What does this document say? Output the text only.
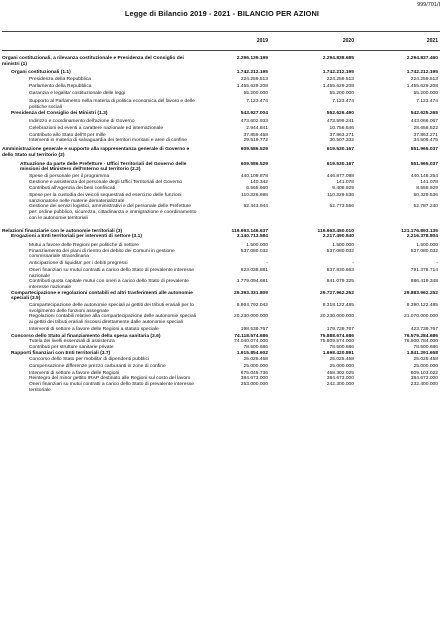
999/701/I
Legge di Bilancio 2019 - 2021 - BILANCIO PER AZIONI
2019	2020	2021
Organi costituzionali, a rilevanza costituzionale e Presidenza del Consiglio dei ministri (1)
2.296.139.199	2.294.838.685	2.294.837.460
Organi costituzionali (1.1)	1.742.212.195	1.742.212.195	1.742.212.195
Presidenza della Repubblica	224.259.513	224.259.513	224.259.513
Parlamento della Repubblica	1.455.629.208	1.455.629.208	1.455.629.208
Garanzia e legalita' costituzionale delle leggi	55.200.000	55.200.000	55.200.000
Supporto al Parlamento nella materia di politica economica del lavoro e delle politiche sociali
7.123.474	7.123.474	7.123.474
Presidenza del Consiglio dei Ministri (1.3)	543.927.004	552.626.490	542.625.265
Indirizzo e coordinamento dell'azione di Governo	473.602.933	473.599.241	443.066.067
Celebrazioni ed eventi a carattere nazionale ed internazionale	2.944.841	10.756.646	28.658.522
Contributo allo Stato dell'8 per mille	37.859.458	37.863.271	37.863.271
Interventi in materia di salvaguardia dei territori montani e aree di confine	29.519.772	30.507.332	34.506.475
Amministrazione generale e supporto alla rappresentanza generale di Governo e dello Stato sul territorio (2)
609.586.529	619.530.167	551.965.037
Attuazione da parte delle Prefetture - Uffici Territoriali del Governo delle missioni del Ministero dell'Interno sul territorio (2.2)
609.586.529	619.530.167	551.965.037
Spese di personale per il programma	440.109.878	446.877.098	440.148.254
Gestione e assistenza del personale degli Uffici Territoriali del Governo	140.342	141.078	141.078
Contributi all'Agenzia dei beni confiscati	6.565.660	9.408.929	8.558.929
Spese per la custodia dei veicoli sequestrati ed esercizio delle funzioni sanzionatorie nelle materie dematerializzate
110.326.698	110.329.536	50.329.536
Gestione dei servizi logistici, amministrativi e del personale delle Prefetture per: ordine pubblico, sicurezza, cittadinanza e immigrazione e coordinamento con le autonomie territoriali
52.443.944	52.773.556	52.787.240
Relazioni finanziarie con le autonomie territoriali (3)	119.993.146.637	119.663.450.010	121.176.893.135
Erogazioni a Enti territoriali per interventi di settore (3.1)	3.140.713.584	2.217.490.840	2.216.378.804
Mutui a favore delle Regioni per politiche di settore	1.500.000	1.500.000	1.500.000
Finanziamento dei piani di rientro dei debito dei Comuni in gestione commissariale straordinaria
537.080.032	537.080.032	537.080.032
Anticipazione di liquidita' per i debiti pregressi	-	-	-
Oneri finanziari su mutui contratti a carico dello Stato di prevalente interesse nazionale
823.038.881	837.830.663	791.378.714
Contributi quota capitale mutui con oneri a carico dello Stato di prevalente interesse nazionale
1.779.094.681	841.079.325	886.419.348
Compartecipazione e regolazioni contabili ed altri trasferimenti alle autonomie speciali (3.5)
29.393.331.809	29.727.962.252	29.883.962.252
Compartecipazione delle autonomie speciali ai gettiti dei tributi erariali per lo svolgimento delle funzioni assegnate
8.964.792.042	8.318.122.485	8.390.122.485
Regolazioni contabili relative alla compartecipazione delle autonomie speciali ai gettiti dei tributi erariali riscossi direttamente dalle autonomie speciali
20.230.000.000	20.230.000.000	21.070.000.000
Interventi di settore a favore delle Regioni a statuto speciale	198.539.767	179.739.767	423.739.767
Concorso dello Stato al finanziamento della spesa sanitaria (3.6)	74.118.574.686	75.888.674.686	76.579.284.686
Tutela dei livelli essenziali di assistenza	74.040.074.000	75.809.574.000	76.500.784.000
Contributi per strutture sanitarie private	78.500.686	78.500.686	78.500.686
Rapporti finanziari con Enti territoriali (3.7)	1.915.854.602	1.698.420.891	1.841.291.658
Concorso dello Stato per mobilita' di dipendenti pubblici	25.025.458	25.025.458	25.025.458
Compensazione differenze prezzo carburanti in zone di confine	25.000.000	25.000.000	25.000.000
Interventi di settore a favore delle Regioni	675.045.736	468.302.025	609.103.022
Reintegro del minor gettito IRAP destinato alle Regioni sul costo del lavoro	384.673.000	384.673.000	384.673.000
Oneri finanziari su mutui contratti a carico dello Stato di prevalente interesse territoriale
253.000.000	242.300.000	232.400.000
